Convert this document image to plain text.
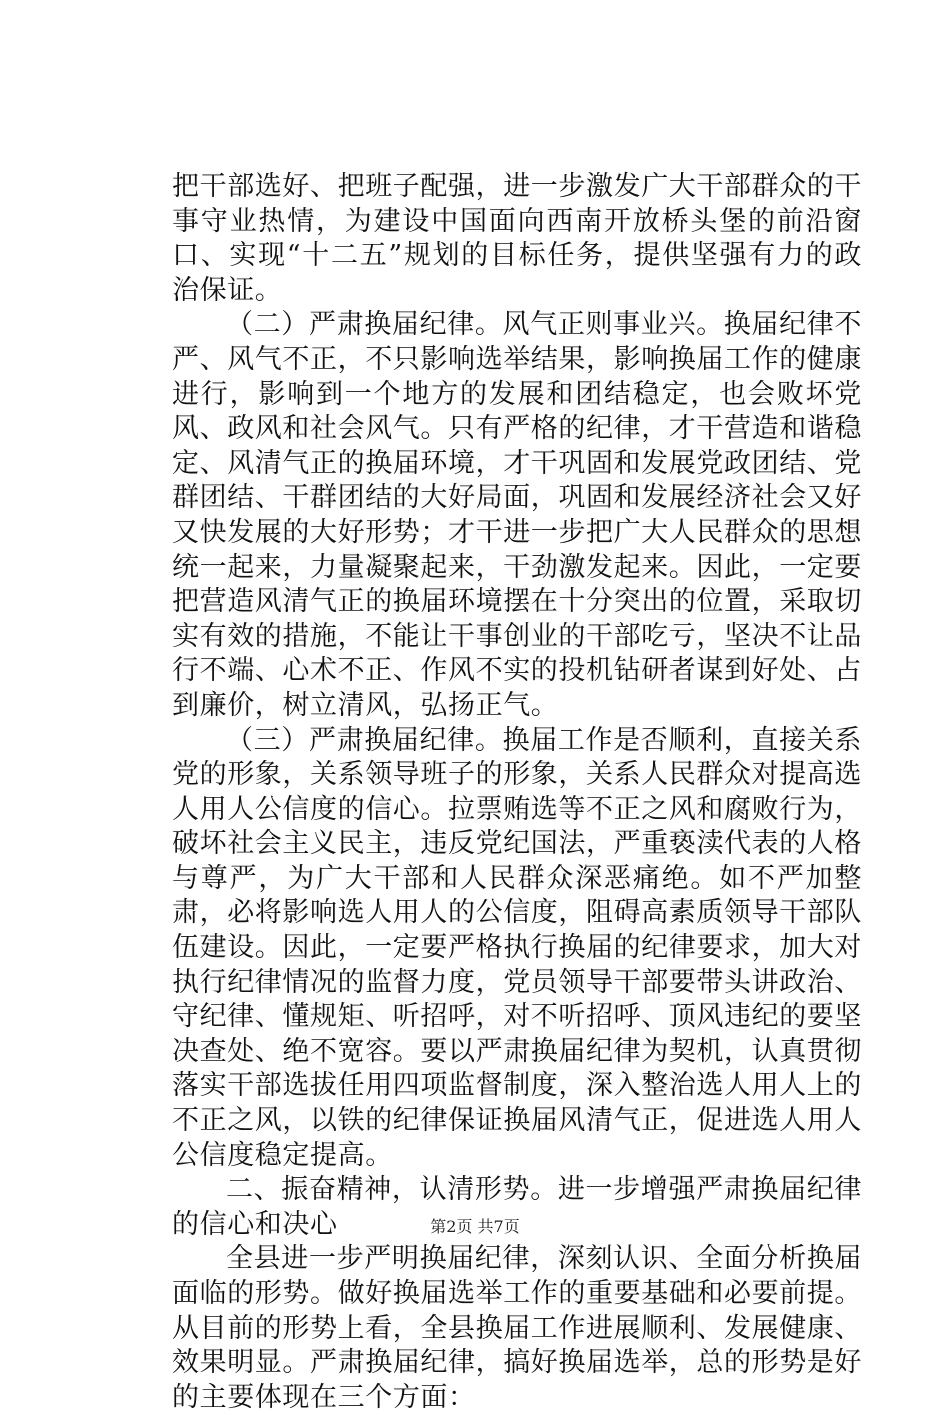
把干部选好、把班子配强，进一步激发广大干部群众的干事守业热情，为建设中国面向西南开放桥头堡的前沿窗口、实现“十二五”规划的目标任务，提供坚强有力的政治保证。

（二）严肃换届纪律。风气正则事业兴。换届纪律不严、风气不正，不只影响选举结果，影响换届工作的健康进行，影响到一个地方的发展和团结稳定，也会败坏党风、政风和社会风气。只有严格的纪律，才干营造和谐稳定、风清气正的换届环境，才干巩固和发展党政团结、党群团结、干群团结的大好局面，巩固和发展经济社会又好又快发展的大好形势；才干进一步把广大人民群众的思想统一起来，力量凝聚起来，干劲激发起来。因此，一定要把营造风清气正的换届环境摆在十分突出的位置，采取切实有效的措施，不能让干事创业的干部吃亏，坚决不让品行不端、心术不正、作风不实的投机钻研者谋到好处、占到廉价，树立清风，弘扬正气。

（三）严肃换届纪律。换届工作是否顺利，直接关系党的形象，关系领导班子的形象，关系人民群众对提高选人用人公信度的信心。拉票贿选等不正之风和腐败行为，破坏社会主义民主，违反党纪国法，严重亵渎代表的人格与尊严，为广大干部和人民群众深恶痛绝。如不严加整肃，必将影响选人用人的公信度，阻碍高素质领导干部队伍建设。因此，一定要严格执行换届的纪律要求，加大对执行纪律情况的监督力度，党员领导干部要带头讲政治、守纪律、懂规矩、听招呼，对不听招呼、顶风违纪的要坚决查处、绝不宽容。要以严肃换届纪律为契机，认真贯彻落实干部选拔任用四项监督制度，深入整治选人用人上的不正之风，以铁的纪律保证换届风清气正，促进选人用人公信度稳定提高。

二、振奋精神，认清形势。进一步增强严肃换届纪律的信心和决心

全县进一步严明换届纪律，深刻认识、全面分析换届面临的形势。做好换届选举工作的重要基础和必要前提。从目前的形势上看，全县换届工作进展顺利、发展健康、效果明显。严肃换届纪律，搞好换届选举，总的形势是好的主要体现在三个方面：

第2页 共7页
